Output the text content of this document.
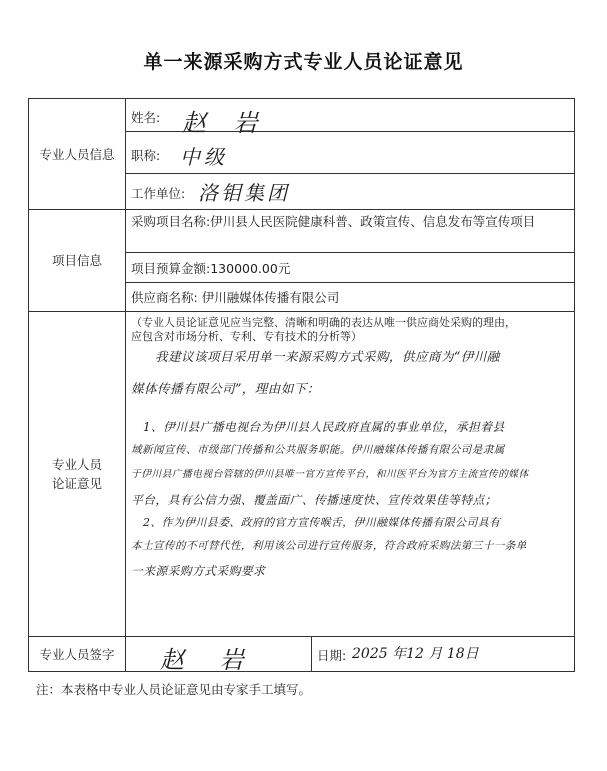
单一来源采购方式专业人员论证意见
专业人员信息
姓名: 赵 岩
职称: 中级
工作单位: 洛钼集团
项目信息
采购项目名称:伊川县人民医院健康科普、政策宣传、信息发布等宣传项目
项目预算金额:130000.00元
供应商名称: 伊川融媒体传播有限公司
专业人员
论证意见
（专业人员论证意见应当完整、清晰和明确的表达从唯一供应商处采购的理由，
应包含对市场分析、专利、专有技术的分析等）
我建议该项目采用单一来源采购方式采购，供应商为“伊川融
媒体传播有限公司”，理由如下：
1、伊川县广播电视台为伊川县人民政府直属的事业单位，承担着县
域新闻宣传、市级部门传播和公共服务职能。伊川融媒体传播有限公司是隶属
于伊川县广播电视台管辖的伊川县唯一官方宣传平台，和川医平台为官方主流宣传的媒体
平台，具有公信力强、覆盖面广、传播速度快、宣传效果佳等特点；
2、作为伊川县委、政府的官方宣传喉舌，伊川融媒体传播有限公司具有
本土宣传的不可替代性，利用该公司进行宣传服务，符合政府采购法第三十一条单
一来源采购方式采购要求
专业人员签字 赵 岩	日期: 2025 年12 月 18日
注：本表格中专业人员论证意见由专家手工填写。
